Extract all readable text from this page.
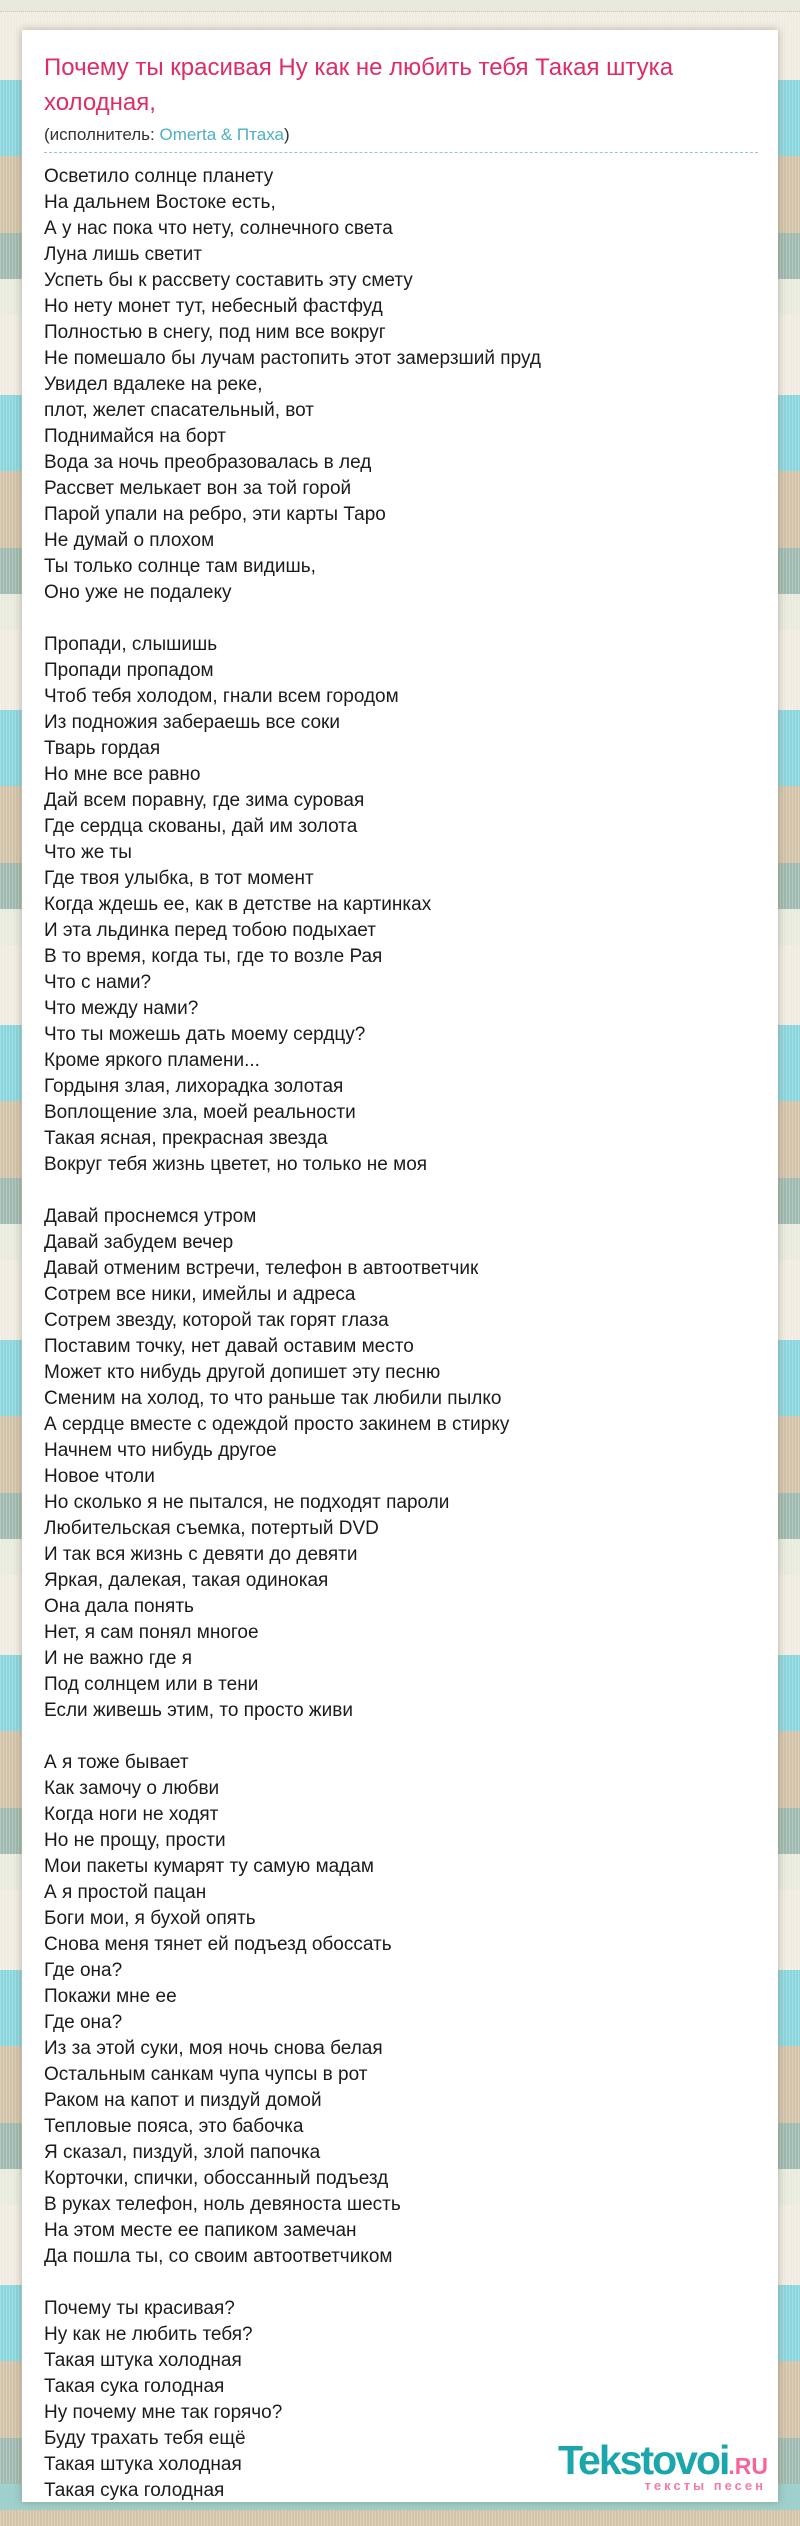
Почему ты красивая Ну как не любить тебя Такая штука холодная,
(исполнитель: Omerta & Птаха)
Осветило солнце планету
На дальнем Востоке есть,
А у нас пока что нету, солнечного света
Луна лишь светит
Успеть бы к рассвету составить эту смету
Но нету монет тут, небесный фастфуд
Полностью в снегу, под ним все вокруг
Не помешало бы лучам растопить этот замерзший пруд
Увидел вдалеке на реке,
плот, желет спасательный, вот
Поднимайся на борт
Вода за ночь преобразовалась в лед
Рассвет мелькает вон за той горой
Парой упали на ребро, эти карты Таро
Не думай о плохом
Ты только солнце там видишь,
Оно уже не подалеку
Пропади, слышишь
Пропади пропадом
Чтоб тебя холодом, гнали всем городом
Из подножия забераешь все соки
Тварь гордая
Но мне все равно
Дай всем поравну, где зима суровая
Где сердца скованы, дай им золота
Что же ты
Где твоя улыбка, в тот момент
Когда ждешь ее, как в детстве на картинках
И эта льдинка перед тобою подыхает
В то время, когда ты, где то возле Рая
Что с нами?
Что между нами?
Что ты можешь дать моему сердцу?
Кроме яркого пламени...
Гордыня злая, лихорадка золотая
Воплощение зла, моей реальности
Такая ясная, прекрасная звезда
Вокруг тебя жизнь цветет, но только не моя
Давай проснемся утром
Давай забудем вечер
Давай отменим встречи, телефон в автоответчик
Сотрем все ники, имейлы и адреса
Сотрем звезду, которой так горят глаза
Поставим точку, нет давай оставим место
Может кто нибудь другой допишет эту песню
Сменим на холод, то что раньше так любили пылко
А сердце вместе с одеждой просто закинем в стирку
Начнем что нибудь другое
Новое чтоли
Но сколько я не пытался, не подходят пароли
Любительская съемка, потертый DVD
И так вся жизнь с девяти до девяти
Яркая, далекая, такая одинокая
Она дала понять
Нет, я сам понял многое
И не важно где я
Под солнцем или в тени
Если живешь этим, то просто живи
А я тоже бывает
Как замочу о любви
Когда ноги не ходят
Но не прощу, прости
Мои пакеты кумарят ту самую мадам
А я простой пацан
Боги мои, я бухой опять
Снова меня тянет ей подъезд обоссать
Где она?
Покажи мне ее
Где она?
Из за этой суки, моя ночь снова белая
Остальным санкам чупа чупсы в рот
Раком на капот и пиздуй домой
Тепловые пояса, это бабочка
Я сказал, пиздуй, злой папочка
Корточки, спички, обоссанный подъезд
В руках телефон, ноль девяноста шесть
На этом месте ее папиком замечан
Да пошла ты, со своим автоответчиком
Почему ты красивая?
Ну как не любить тебя?
Такая штука холодная
Такая сука голодная
Ну почему мне так горячо?
Буду трахать тебя ещё
Такая штука холодная
Такая сука голодная
Tekstovoi.RU
тексты песен
